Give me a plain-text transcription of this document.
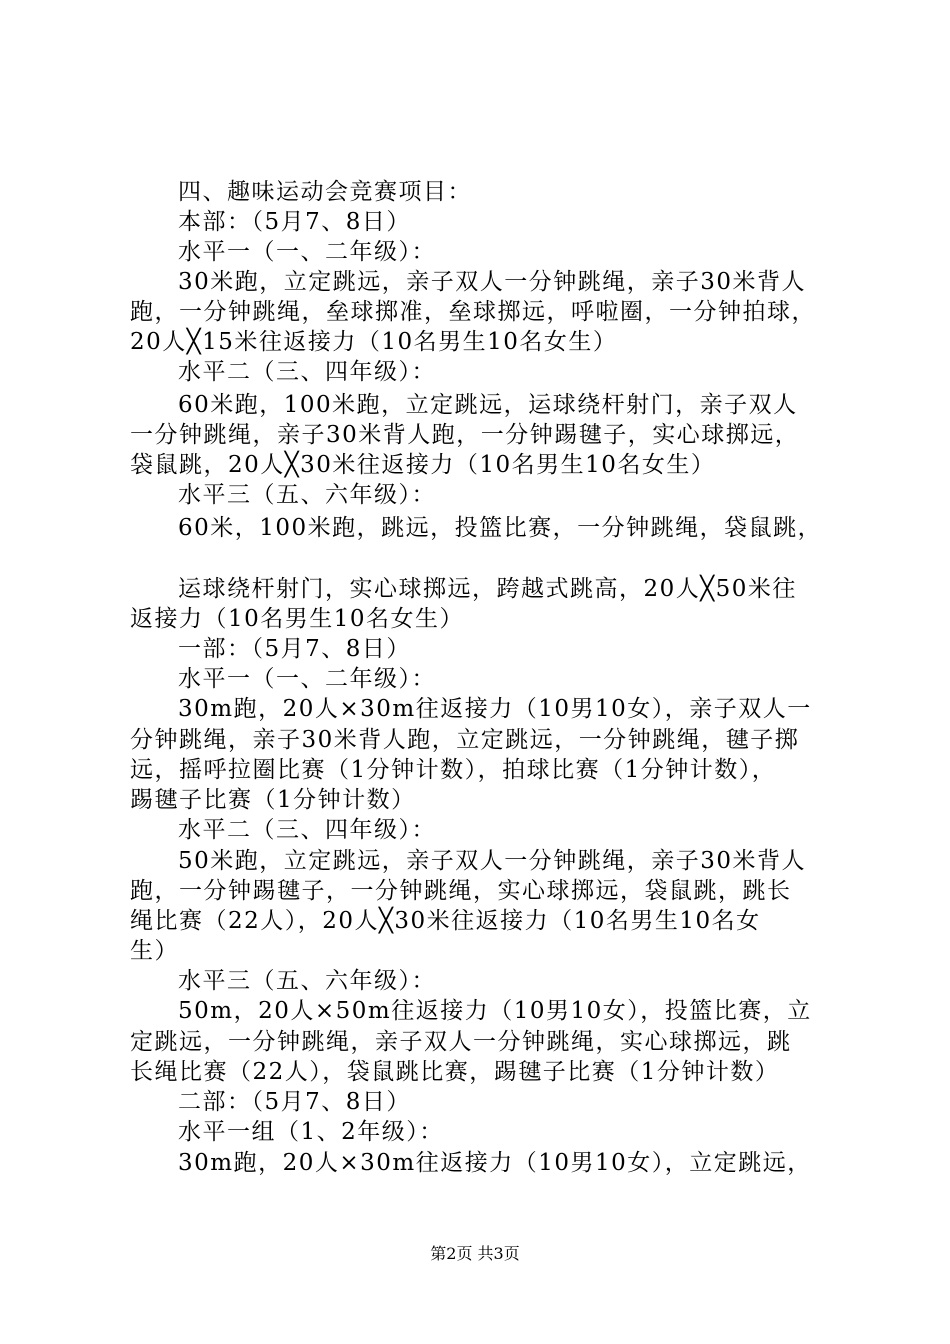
四、趣味运动会竞赛项目：

本部：（5月7、8日）

水平一（一、二年级）：

30米跑，立定跳远，亲子双人一分钟跳绳，亲子30米背人

跑，一分钟跳绳，垒球掷准，垒球掷远，呼啦圈，一分钟拍球，

20人╳15米往返接力（10名男生10名女生）

水平二（三、四年级）：

60米跑，100米跑，立定跳远，运球绕杆射门，亲子双人

一分钟跳绳，亲子30米背人跑，一分钟踢毽子，实心球掷远，

袋鼠跳，20人╳30米往返接力（10名男生10名女生）

水平三（五、六年级）：

60米，100米跑，跳远，投篮比赛，一分钟跳绳，袋鼠跳，

运球绕杆射门，实心球掷远，跨越式跳高，20人╳50米往

返接力（10名男生10名女生）

一部：（5月7、8日）

水平一（一、二年级）：

30m跑，20人×30m往返接力（10男10女），亲子双人一

分钟跳绳，亲子30米背人跑，立定跳远，一分钟跳绳，毽子掷

远，摇呼拉圈比赛（1分钟计数），拍球比赛（1分钟计数），

踢毽子比赛（1分钟计数）

水平二（三、四年级）：

50米跑，立定跳远，亲子双人一分钟跳绳，亲子30米背人

跑，一分钟踢毽子，一分钟跳绳，实心球掷远，袋鼠跳，跳长

绳比赛（22人），20人╳30米往返接力（10名男生10名女

生）

水平三（五、六年级）：

50m，20人×50m往返接力（10男10女），投篮比赛，立

定跳远，一分钟跳绳，亲子双人一分钟跳绳，实心球掷远，跳

长绳比赛（22人），袋鼠跳比赛，踢毽子比赛（1分钟计数）

二部：（5月7、8日）

水平一组（1、2年级）：

30m跑，20人×30m往返接力（10男10女），立定跳远，

第2页 共3页
